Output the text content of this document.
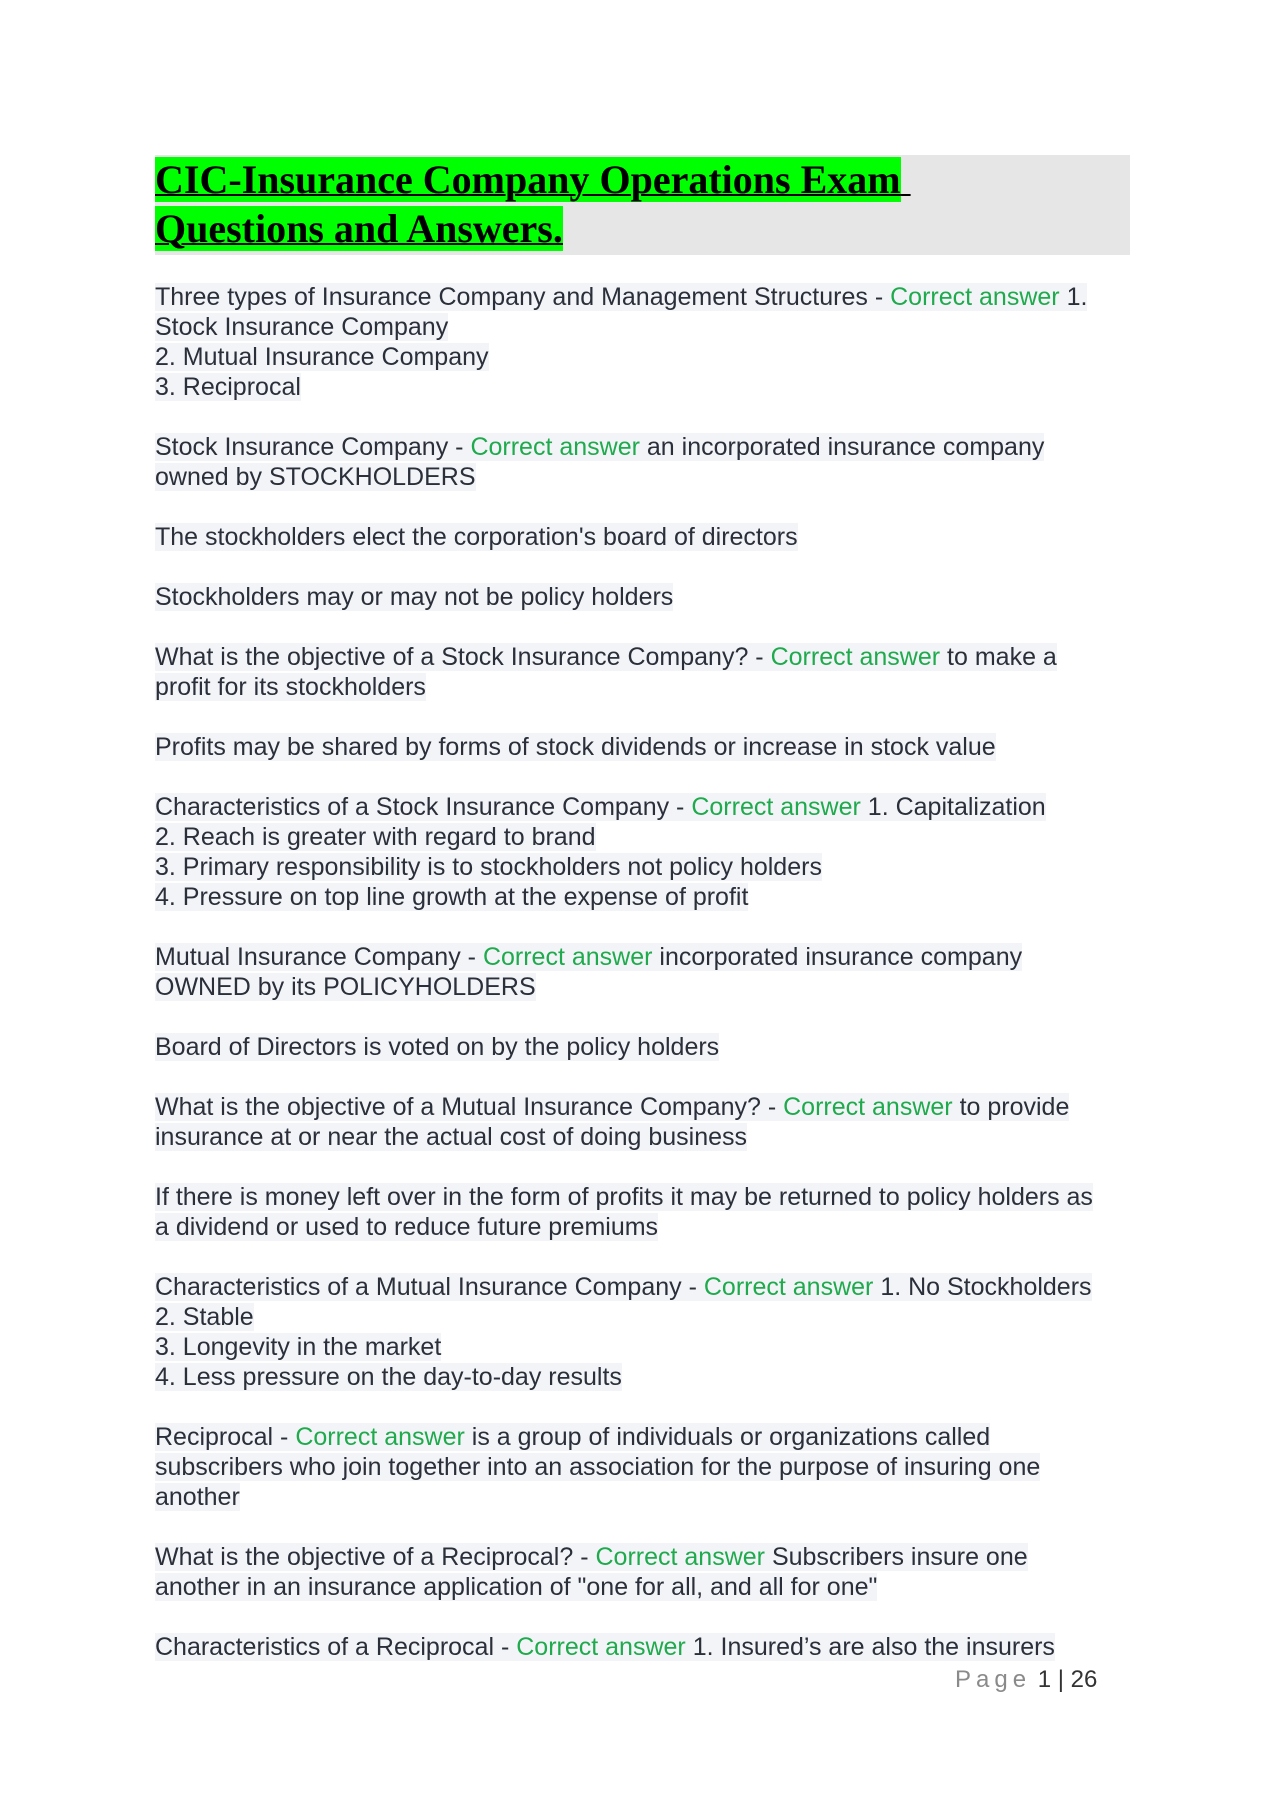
CIC-Insurance Company Operations Exam
Questions and Answers.

Three types of Insurance Company and Management Structures - Correct answer 1.
Stock Insurance Company
2. Mutual Insurance Company
3. Reciprocal

Stock Insurance Company - Correct answer an incorporated insurance company
owned by STOCKHOLDERS

The stockholders elect the corporation's board of directors

Stockholders may or may not be policy holders

What is the objective of a Stock Insurance Company? - Correct answer to make a
profit for its stockholders

Profits may be shared by forms of stock dividends or increase in stock value

Characteristics of a Stock Insurance Company - Correct answer 1. Capitalization
2. Reach is greater with regard to brand
3. Primary responsibility is to stockholders not policy holders
4. Pressure on top line growth at the expense of profit

Mutual Insurance Company - Correct answer incorporated insurance company
OWNED by its POLICYHOLDERS

Board of Directors is voted on by the policy holders

What is the objective of a Mutual Insurance Company? - Correct answer to provide
insurance at or near the actual cost of doing business

If there is money left over in the form of profits it may be returned to policy holders as
a dividend or used to reduce future premiums

Characteristics of a Mutual Insurance Company - Correct answer 1. No Stockholders
2. Stable
3. Longevity in the market
4. Less pressure on the day-to-day results

Reciprocal - Correct answer is a group of individuals or organizations called
subscribers who join together into an association for the purpose of insuring one
another

What is the objective of a Reciprocal? - Correct answer Subscribers insure one
another in an insurance application of "one for all, and all for one"

Characteristics of a Reciprocal - Correct answer 1. Insured’s are also the insurers

Page 1 | 26
